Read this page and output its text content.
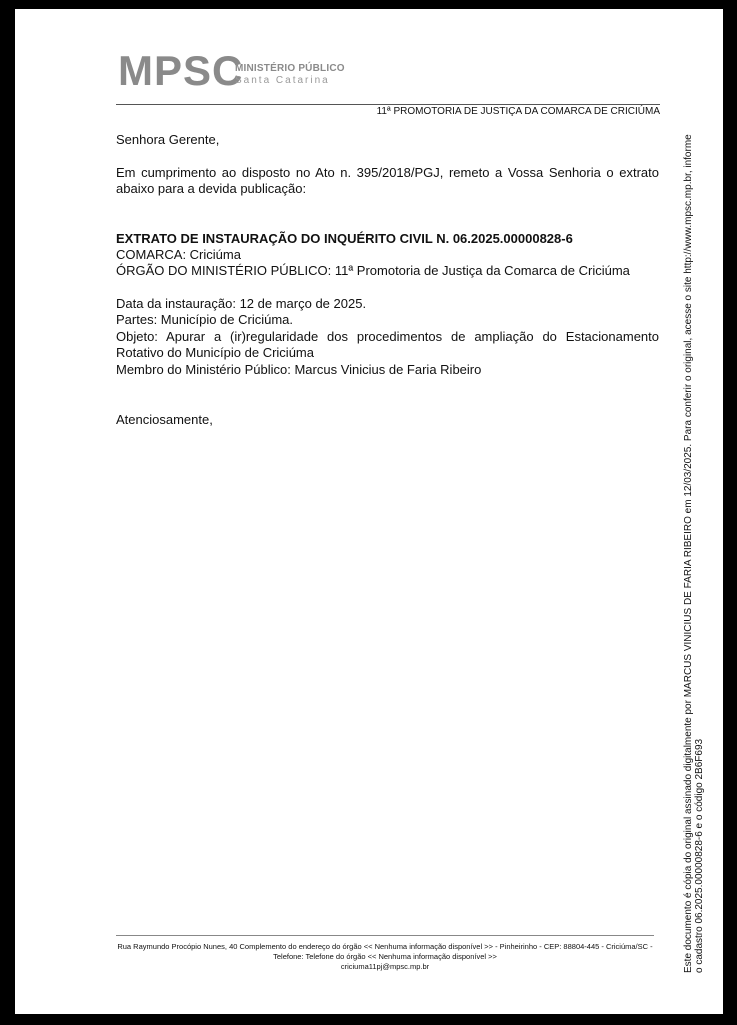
MPSC
MINISTÉRIO PÚBLICO
Santa Catarina
11ª PROMOTORIA DE JUSTIÇA DA COMARCA DE CRICIÚMA
Senhora Gerente,
Em cumprimento ao disposto no Ato n. 395/2018/PGJ, remeto a Vossa Senhoria o extrato abaixo para a devida publicação:
EXTRATO DE INSTAURAÇÃO DO INQUÉRITO CIVIL N. 06.2025.00000828-6
COMARCA: Criciúma
ÓRGÃO DO MINISTÉRIO PÚBLICO: 11ª Promotoria de Justiça da Comarca de Criciúma
Data da instauração: 12 de março de 2025.
Partes: Município de Criciúma.
Objeto: Apurar a (ir)regularidade dos procedimentos de ampliação do Estacionamento Rotativo do Município de Criciúma
Membro do Ministério Público: Marcus Vinicius de Faria Ribeiro
Atenciosamente,
Rua Raymundo Procópio Nunes, 40 Complemento do endereço do órgão << Nenhuma informação disponível >> - Pinheirinho - CEP: 88804-445 - Criciúma/SC - Telefone: Telefone do órgão << Nenhuma informação disponível >>
criciuma11pj@mpsc.mp.br	Este documento é cópia do original assinado digitalmente por MARCUS VINICIUS DE FARIA RIBEIRO em 12/03/2025. Para conferir o original, acesse o site http://www.mpsc.mp.br, informe o cadastro 06.2025.00000828-6 e o código 2B6F693
